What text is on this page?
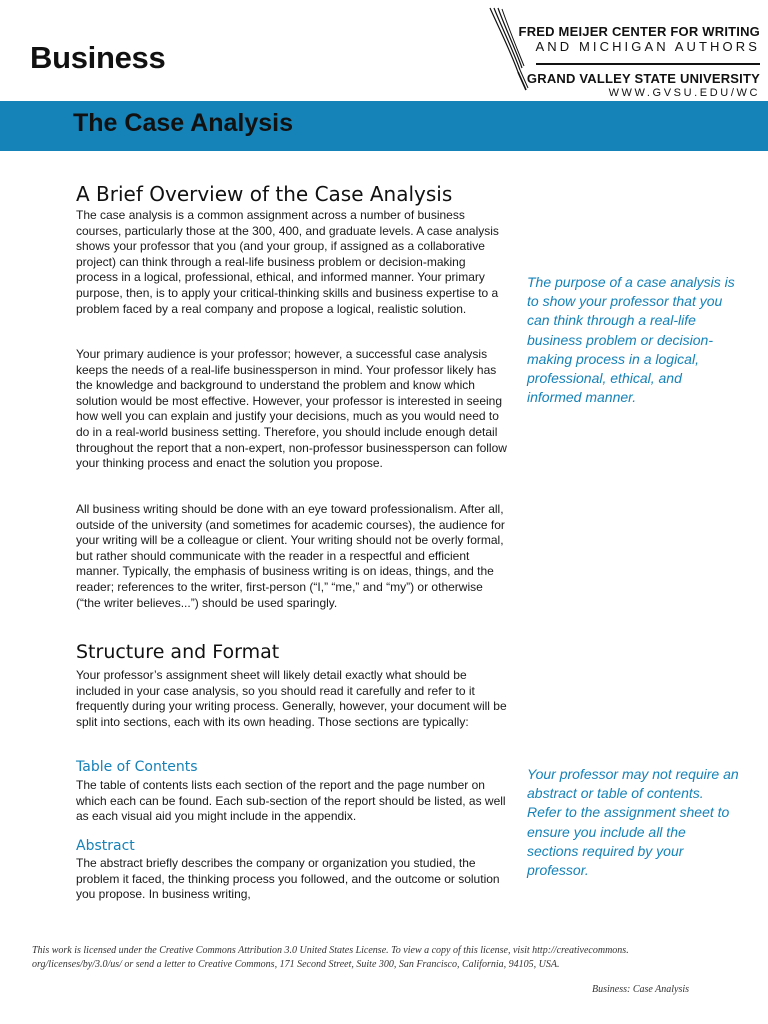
Business
FRED MEIJER CENTER FOR WRITING
AND MICHIGAN AUTHORS
GRAND VALLEY STATE UNIVERSITY
WWW.GVSU.EDU/WC
The Case Analysis
A Brief Overview of the Case Analysis

The case analysis is a common assignment across a number of business courses, particularly those at the 300, 400, and graduate levels. A case analysis shows your professor that you (and your group, if assigned as a collaborative project) can think through a real-life business problem or decision-making process in a logical, professional, ethical, and informed manner. Your primary purpose, then, is to apply your critical-thinking skills and business expertise to a problem faced by a real company and propose a logical, realistic solution.

Your primary audience is your professor; however, a successful case analysis keeps the needs of a real-life businessperson in mind. Your professor likely has the knowledge and background to understand the problem and know which solution would be most effective. However, your professor is interested in seeing how well you can explain and justify your decisions, much as you would need to do in a real-world business setting. Therefore, you should include enough detail throughout the report that a non-expert, non-professor businessperson can follow your thinking process and enact the solution you propose.

All business writing should be done with an eye toward professionalism. After all, outside of the university (and sometimes for academic courses), the audience for your writing will be a colleague or client. Your writing should not be overly formal, but rather should communicate with the reader in a respectful and efficient manner. Typically, the emphasis of business writing is on ideas, things, and the reader; references to the writer, first-person (“I,” “me,” and “my”) or otherwise (“the writer believes...”) should be used sparingly.

Structure and Format

Your professor’s assignment sheet will likely detail exactly what should be included in your case analysis, so you should read it carefully and refer to it frequently during your writing process. Generally, however, your document will be split into sections, each with its own heading. Those sections are typically:

Table of Contents

The table of contents lists each section of the report and the page number on which each can be found. Each sub-section of the report should be listed, as well as each visual aid you might include in the appendix.

Abstract

The abstract briefly describes the company or organization you studied, the problem it faced, the thinking process you followed, and the outcome or solution you propose. In business writing,

The purpose of a case analysis is to show your professor that you can think through a real-life business problem or decision-making process in a logical, professional, ethical, and informed manner.

Your professor may not require an abstract or table of contents. Refer to the assignment sheet to ensure you include all the sections required by your professor.

This work is licensed under the Creative Commons Attribution 3.0 United States License. To view a copy of this license, visit http://creativecommons. org/licenses/by/3.0/us/ or send a letter to Creative Commons, 171 Second Street, Suite 300, San Francisco, California, 94105, USA.

Business: Case Analysis
